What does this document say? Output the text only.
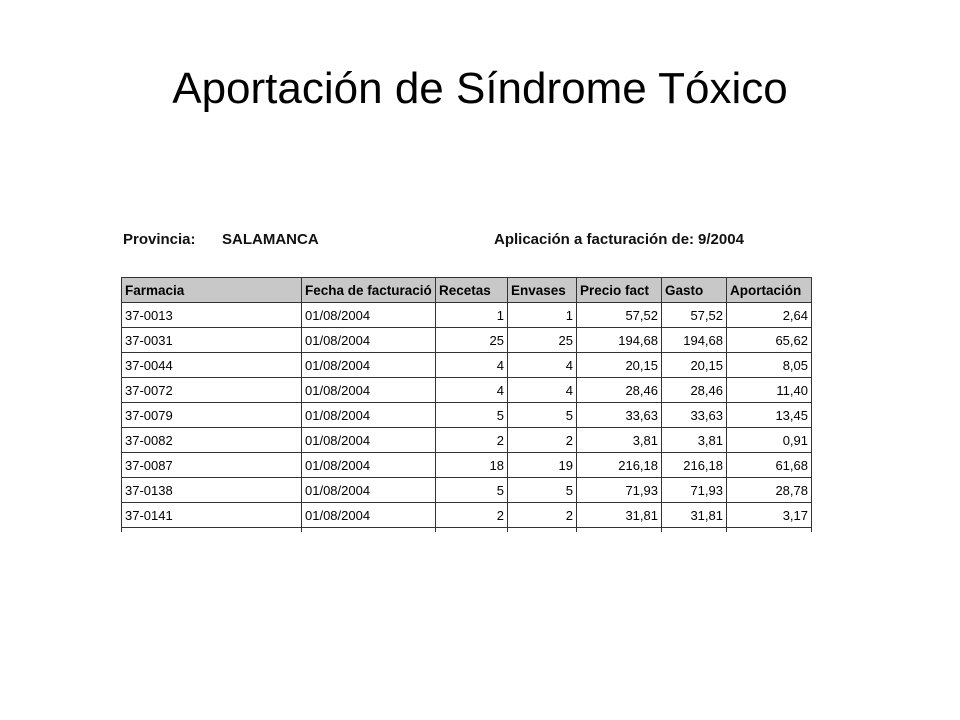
Aportación de Síndrome Tóxico
Provincia: SALAMANCA	Aplicación a facturación de: 9/2004
Farmacia	Fecha de facturació	Recetas	Envases	Precio fact	Gasto	Aportación
37-0013	01/08/2004	1	1	57,52	57,52	2,64
37-0031	01/08/2004	25	25	194,68	194,68	65,62
37-0044	01/08/2004	4	4	20,15	20,15	8,05
37-0072	01/08/2004	4	4	28,46	28,46	11,40
37-0079	01/08/2004	5	5	33,63	33,63	13,45
37-0082	01/08/2004	2	2	3,81	3,81	0,91
37-0087	01/08/2004	18	19	216,18	216,18	61,68
37-0138	01/08/2004	5	5	71,93	71,93	28,78
37-0141	01/08/2004	2	2	31,81	31,81	3,17
